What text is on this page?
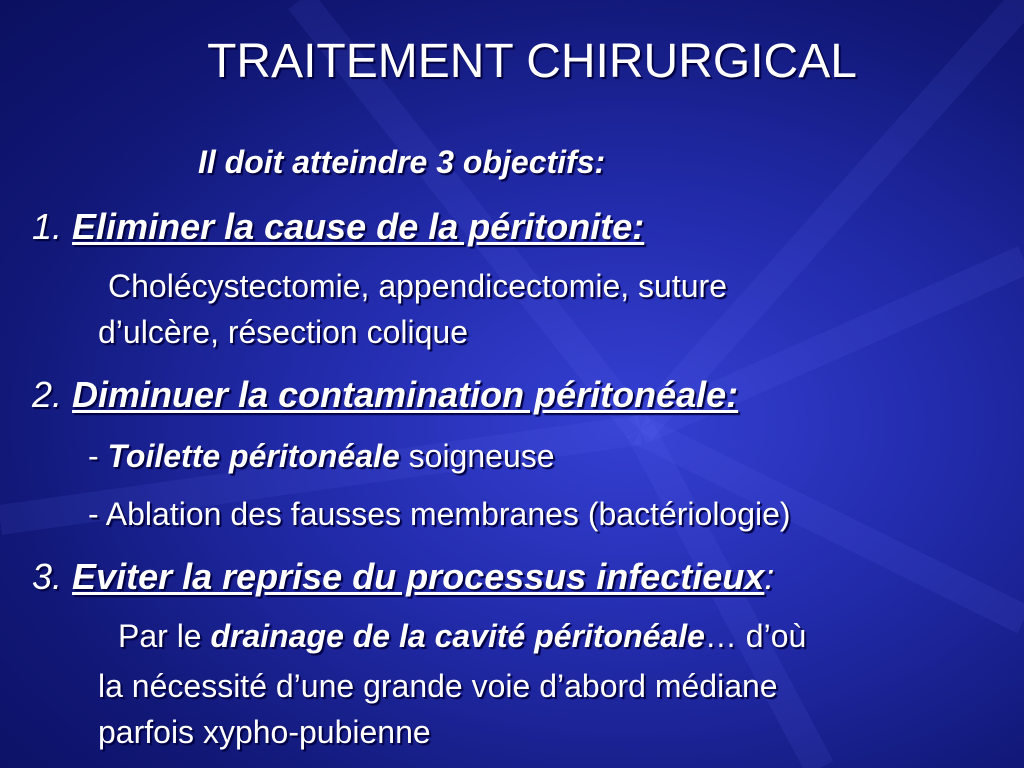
TRAITEMENT CHIRURGICAL
Il doit atteindre 3 objectifs:
1. Eliminer la cause de la péritonite:
Cholécystectomie, appendicectomie, suture
d’ulcère, résection colique
2. Diminuer la contamination péritonéale:
- Toilette péritonéale soigneuse
- Ablation des fausses membranes (bactériologie)
3. Eviter la reprise du processus infectieux:
Par le drainage de la cavité péritonéale… d’où
la nécessité d’une grande voie d’abord médiane
parfois xypho-pubienne
